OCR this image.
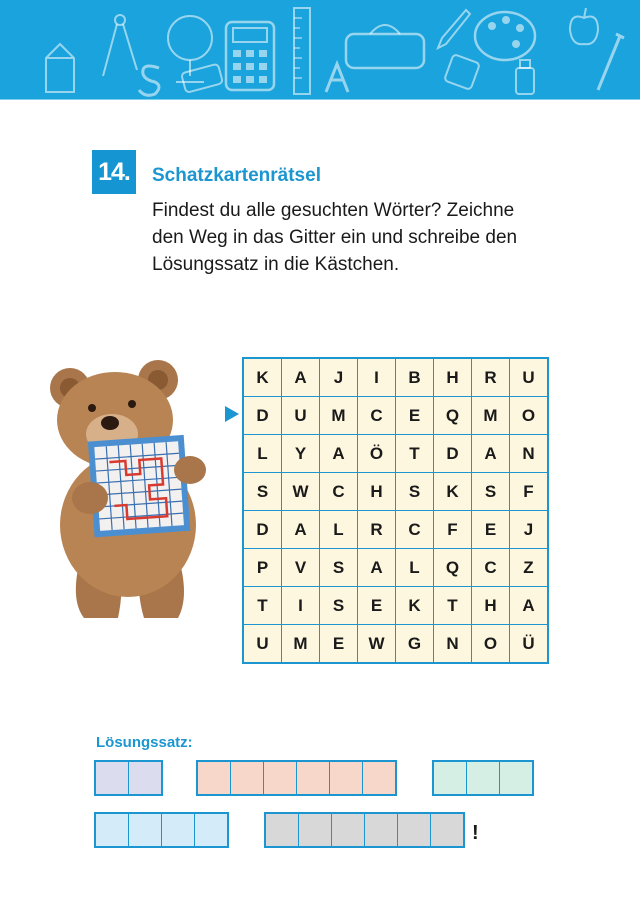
14.	Schatzkartenrätsel
Findest du alle gesuchten Wörter? Zeichne
den Weg in das Gitter ein und schreibe den
Lösungssatz in die Kästchen.
K	A	J	I	B	H	R	U
D	U	M	C	E	Q	M	O
L	Y	A	Ö	T	D	A	N
S	W	C	H	S	K	S	F
D	A	L	R	C	F	E	J
P	V	S	A	L	Q	C	Z
T	I	S	E	K	T	H	A
U	M	E	W	G	N	O	Ü
Lösungssatz:
!
